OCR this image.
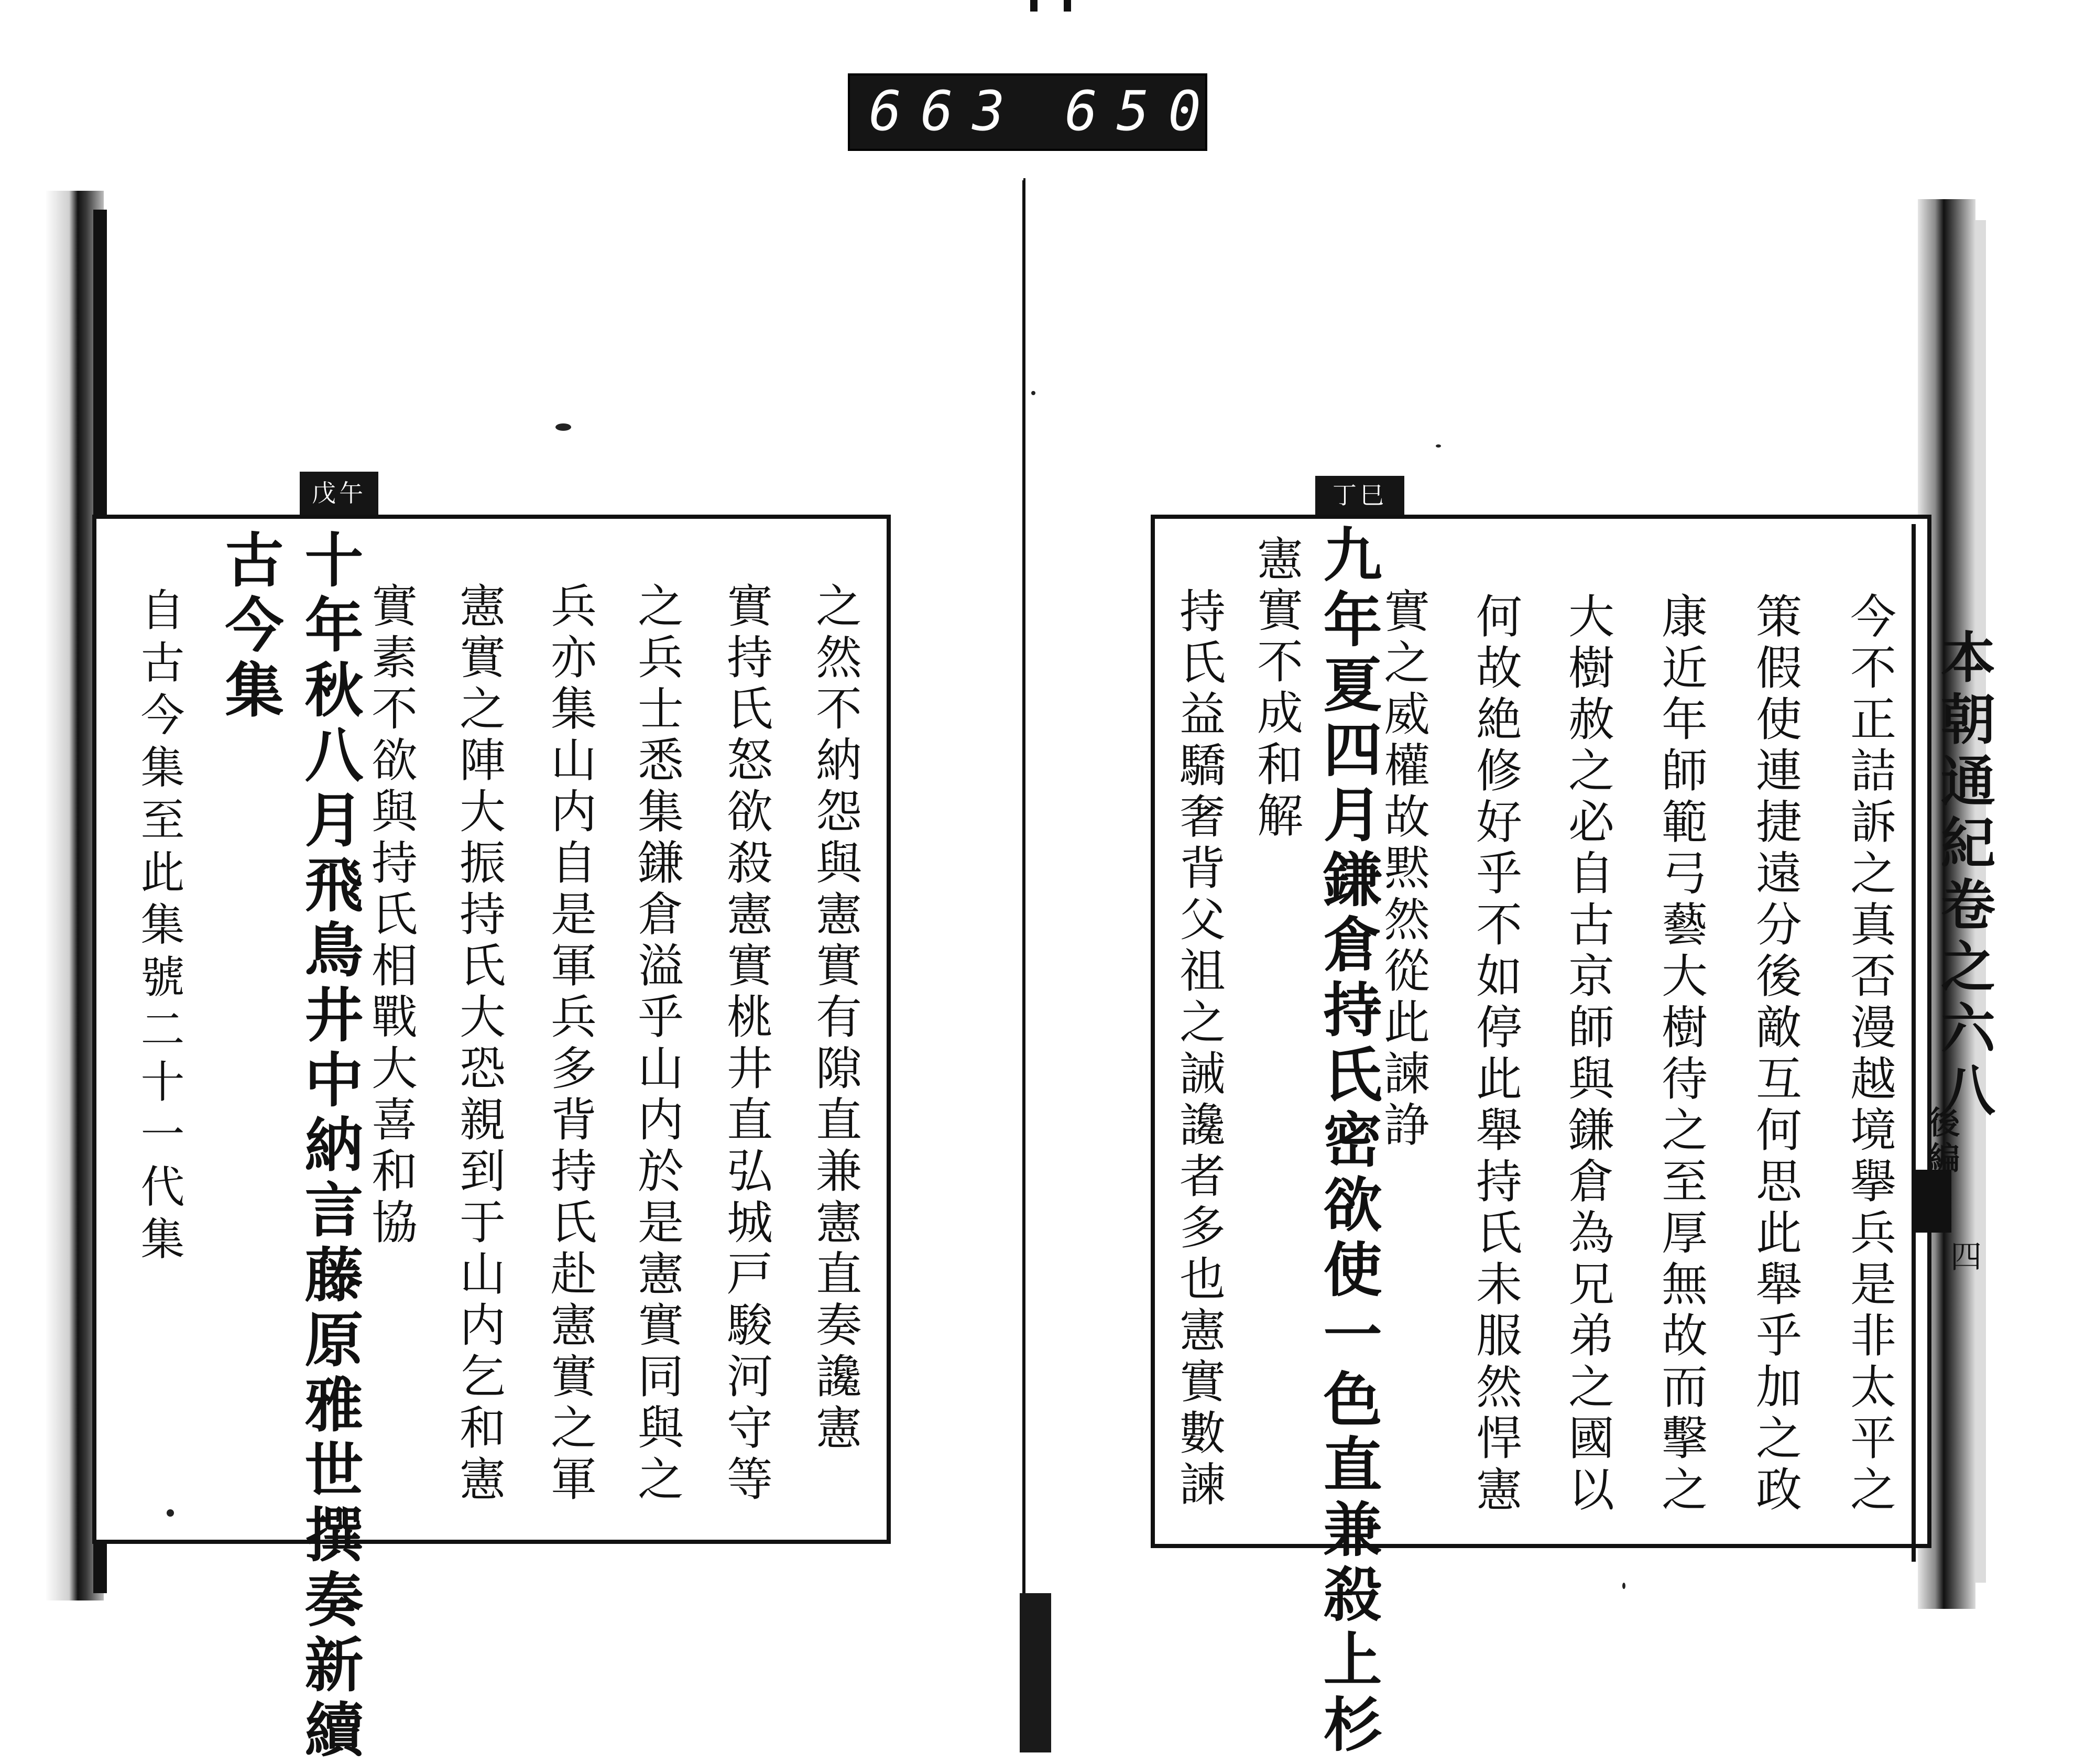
663 650.
丁巳
本朝通紀卷之六八
後編
四
今不正詰訴之真否漫越境擧兵是非太平之
策假使連捷遠分後敵互何思此舉乎加之政
康近年師範弓藝大樹待之至厚無故而擊之
大樹赦之必自古京師與鎌倉為兄弟之國以
何故絶修好乎不如停此舉持氏未服然悍憲
實之威權故黙然從此諫諍
九年夏四月鎌倉持氏密欲使一色直兼殺上杉
憲實不成和解
持氏益驕奢背父祖之誡讒者多也憲實數諫
戊午
之然不納怨與憲實有隙直兼憲直奏讒憲
實持氏怒欲殺憲實桃井直弘城戸駿河守等
之兵士悉集鎌倉溢乎山内於是憲實同與之
兵亦集山内自是軍兵多背持氏赴憲實之軍
憲實之陣大振持氏大恐親到于山内乞和憲
實素不欲與持氏相戰大喜和協
十年秋八月飛鳥井中納言藤原雅世撰奏新續
古今集
自古今集至此集號二十一代集
